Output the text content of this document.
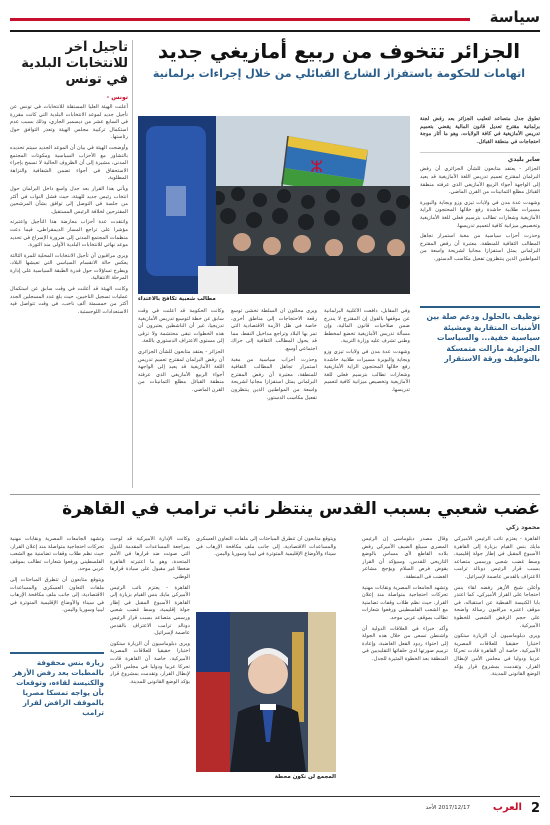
سياسة
تأجيل آخر للانتخابات البلدية في تونس
تونس -

أعلنت الهيئة العليا المستقلة للانتخابات في تونس عن تأجيل جديد لموعد الانتخابات البلدية التي كانت مقررة في السابع عشر من ديسمبر الجاري، وذلك بسبب عدم استكمال تركيبة مجلس الهيئة وتعذر التوافق حول رئاستها.

وأوضحت الهيئة في بيان أن الموعد الجديد سيتم تحديده بالتشاور مع الأحزاب السياسية ومكونات المجتمع المدني، مشيرة إلى أن الظروف الحالية لا تسمح بإجراء الاستحقاق في أجواء تضمن الشفافية والنزاهة المطلوبة.

ويأتي هذا القرار بعد جدل واسع داخل البرلمان حول انتخاب رئيس جديد للهيئة، حيث فشل النواب في أكثر من جلسة في التوصل إلى توافق بشأن المرشحين المقترحين لخلافة الرئيس المستقيل.

وانتقدت عدة أحزاب معارضة هذا التأجيل واعتبرته مؤشرا على تراجع المسار الديمقراطي، فيما دعت منظمات المجتمع المدني إلى ضرورة الإسراع في تحديد موعد نهائي للانتخابات البلدية الأولى منذ الثورة.

ويرى مراقبون أن تأجيل الانتخابات المحلية للمرة الثالثة يعكس حالة الانقسام السياسي التي تعيشها البلاد، ويطرح تساؤلات حول قدرة الطبقة السياسية على إدارة المرحلة الانتقالية.

وكانت الهيئة قد أعلنت في وقت سابق عن استكمال عمليات تسجيل الناخبين، حيث بلغ عدد المسجلين الجدد أكثر من خمسمئة ألف ناخب، في وقت تتواصل فيه الاستعدادات اللوجستية.

الجزائر تتخوف من ربيع أمازيغي جديد
اتهامات للحكومة باستفزاز الشارع القبائلي من خلال إجراءات برلمانية
ⵣ
مطالب شعبية تكافح بالاعتداء
تطوق جدل متصاعد لتعليب الجزائر بعد رفض لجنة برلمانية مقترح تعديل قانون المالية يقضي بتعميم تدريس الأمازيغية في كافة الولايات، وهو ما أثار موجة احتجاجات في منطقة القبائل.
صابر بليدي

الجزائر - يعتقد متابعون للشأن الجزائري أن رفض البرلمان لمقترح تعميم تدريس اللغة الأمازيغية قد يعيد إلى الواجهة أجواء الربيع الأمازيغي الذي عرفته منطقة القبائل مطلع الثمانينات من القرن الماضي.

وشهدت عدة مدن في ولايات تيزي وزو وبجاية والبويرة مسيرات طلابية حاشدة رفع خلالها المحتجون الراية الأمازيغية وشعارات تطالب بترسيم فعلي للغة الأمازيغية وتخصيص ميزانية كافية لتعميم تدريسها.

وحذرت أحزاب سياسية من مغبة استمرار تجاهل المطالب الثقافية للمنطقة، معتبرة أن رفض المقترح البرلماني يمثل استفزازا مجانيا لشريحة واسعة من المواطنين الذين ينتظرون تفعيل مكاسب الدستور.

توظيف بالحلول ودعم صلة بين الأمنيات المتقاربة ومشيئة سياسية خفية... والسياسات الجزائرية مازالت متمسكة بالتوظيف ورقة الاستقرار

وفي المقابل، دافعت الأغلبية البرلمانية عن موقفها بالقول إن المقترح لا يندرج ضمن صلاحيات قانون المالية، وإن مسألة تدريس الأمازيغية تخضع لمخطط وطني تشرف عليه وزارة التربية.

وشهدت عدة مدن في ولايات تيزي وزو وبجاية والبويرة مسيرات طلابية حاشدة رفع خلالها المحتجون الراية الأمازيغية وشعارات تطالب بترسيم فعلي للغة الأمازيغية وتخصيص ميزانية كافية لتعميم تدريسها.

ويرى محللون أن السلطة تخشى توسع رقعة الاحتجاجات إلى مناطق أخرى، خاصة في ظل الأزمة الاقتصادية التي تمر بها البلاد وتراجع مداخيل النفط، مما قد يحول المطالب الثقافية إلى حراك اجتماعي أوسع.

وحذرت أحزاب سياسية من مغبة استمرار تجاهل المطالب الثقافية للمنطقة، معتبرة أن رفض المقترح البرلماني يمثل استفزازا مجانيا لشريحة واسعة من المواطنين الذين ينتظرون تفعيل مكاسب الدستور.

وكانت الحكومة قد أعلنت في وقت سابق عن خطة لتوسيع تدريس الأمازيغية تدريجيا، غير أن الناشطين يعتبرون أن هذه الخطوات تبقى محتشمة ولا ترقى إلى مستوى الاعتراف الدستوري باللغة.

الجزائر - يعتقد متابعون للشأن الجزائري أن رفض البرلمان لمقترح تعميم تدريس اللغة الأمازيغية قد يعيد إلى الواجهة أجواء الربيع الأمازيغي الذي عرفته منطقة القبائل مطلع الثمانينات من القرن الماضي.

غضب شعبي بسبب القدس ينتظر نائب ترامب في القاهرة
محمود زكي

القاهرة - يعتزم نائب الرئيس الأميركي مايك بنس القيام بزيارة إلى القاهرة الأسبوع المقبل في إطار جولة إقليمية، وسط غضب شعبي ورسمي متصاعد بسبب قرار الرئيس دونالد ترامب الاعتراف بالقدس عاصمة لإسرائيل.

وأعلن شيخ الأزهر رفضه لقاء بنس احتجاجا على القرار الأميركي، كما اعتذر بابا الكنيسة القبطية عن استقباله، في موقف اعتبره مراقبون رسالة واضحة على حجم الرفض الشعبي للخطوة الأميركية.

ويرى دبلوماسيون أن الزيارة ستكون اختبارا حقيقيا للعلاقات المصرية الأميركية، خاصة أن القاهرة قادت تحركا عربيا ودوليا في مجلس الأمن لإبطال القرار، وتقدمت بمشروع قرار يؤكد الوضع القانوني للمدينة.

وقال مصدر دبلوماسي إن الرئيس المصري سيبلغ الضيف الأميركي رفض بلاده القاطع لأي مساس بالوضع التاريخي للقدس، وسيؤكد أن القرار يقوض فرص السلام ويؤجج مشاعر الغضب في المنطقة.

وتشهد الجامعات المصرية ونقابات مهنية تحركات احتجاجية متواصلة منذ إعلان القرار، حيث نظم طلاب وقفات تضامنية مع الشعب الفلسطيني ورفعوا شعارات تطالب بموقف عربي موحد.

وأكد خبراء في العلاقات الدولية أن واشنطن تسعى من خلال هذه الجولة إلى احتواء ردود الفعل الغاضبة، وإعادة ترميم صورتها لدى حلفائها التقليديين في المنطقة بعد الخطوة المثيرة للجدل.

ويتوقع متابعون أن تتطرق المباحثات إلى ملفات التعاون العسكري والمساعدات الاقتصادية، إلى جانب ملف مكافحة الإرهاب في سيناء والأوضاع الإقليمية المتوترة في ليبيا وسوريا واليمن.

وكانت الإدارة الأميركية قد لوحت بمراجعة المساعدات المقدمة للدول التي صوتت ضد قرارها في الأمم المتحدة، وهو ما اعتبرته القاهرة ضغطا غير مقبول على سيادة قرارها الوطني.

القاهرة - يعتزم نائب الرئيس الأميركي مايك بنس القيام بزيارة إلى القاهرة الأسبوع المقبل في إطار جولة إقليمية، وسط غضب شعبي ورسمي متصاعد بسبب قرار الرئيس دونالد ترامب الاعتراف بالقدس عاصمة لإسرائيل.

ويرى دبلوماسيون أن الزيارة ستكون اختبارا حقيقيا للعلاقات المصرية الأميركية، خاصة أن القاهرة قادت تحركا عربيا ودوليا في مجلس الأمن لإبطال القرار، وتقدمت بمشروع قرار يؤكد الوضع القانوني للمدينة.

وتشهد الجامعات المصرية ونقابات مهنية تحركات احتجاجية متواصلة منذ إعلان القرار، حيث نظم طلاب وقفات تضامنية مع الشعب الفلسطيني ورفعوا شعارات تطالب بموقف عربي موحد.

ويتوقع متابعون أن تتطرق المباحثات إلى ملفات التعاون العسكري والمساعدات الاقتصادية، إلى جانب ملف مكافحة الإرهاب في سيناء والأوضاع الإقليمية المتوترة في ليبيا وسوريا واليمن.

زيارة بنس محفوفة بالمطبات بعد رفض الأزهر والكنيسة لقاءه، وتوقعات بأن يواجه تمسكا مصريا بالموقف الرافض لقرار ترامب
المجمع لن نكون محطة
2
العرب
2017/12/17 الأحد
